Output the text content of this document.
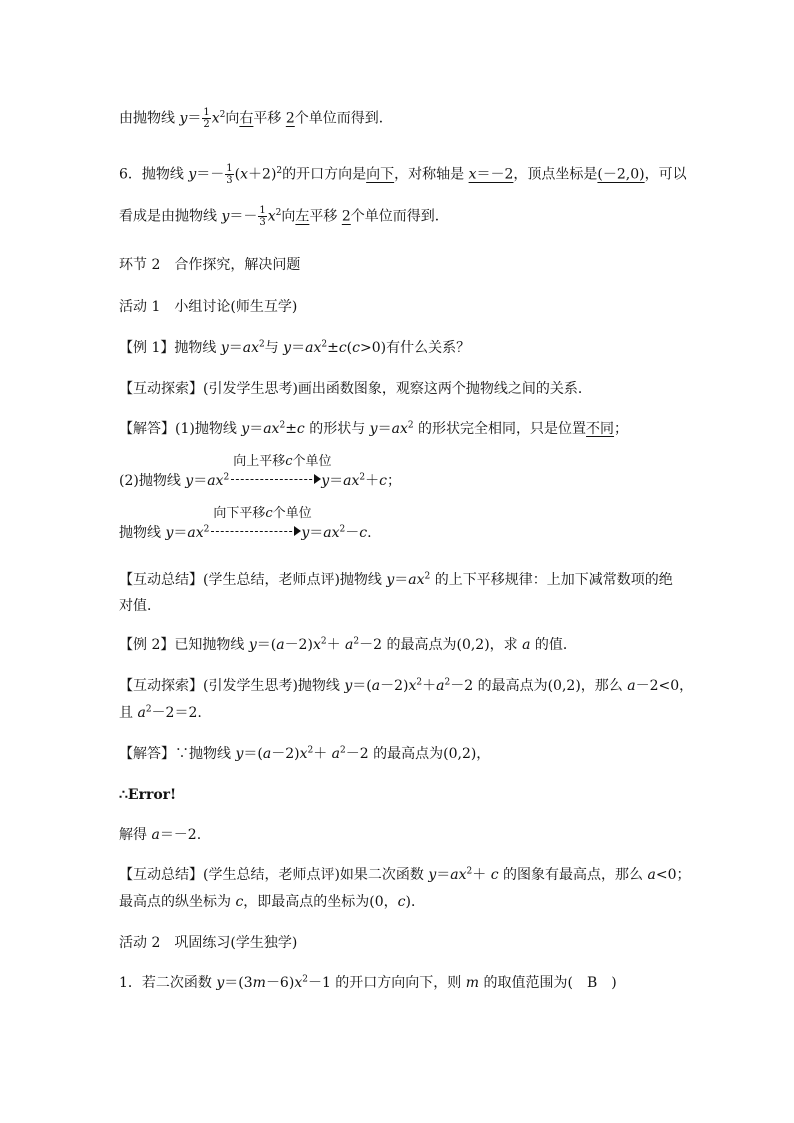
由抛物线 $y= \frac{1}{2} x^2$向右平移 2个单位而得到．
6．抛物线 $y=- \frac{1}{3} (x+2)^2$的开口方向是向下，对称轴是 x＝－2，顶点坐标是(－2,0)，可以
看成是由抛物线 $y=- \frac{1}{3} x^2$向左平移 2个单位而得到．
环节 2　合作探究，解决问题
活动 1　小组讨论(师生互学)
【例 1】抛物线 $y=ax^2$与 $y=ax^2\pm c(c>0)$有什么关系？
【互动探索】(引发学生思考)画出函数图象，观察这两个抛物线之间的关系．
【解答】(1)抛物线 $y=ax^2\pm c$ 的形状与 $y=ax^2$ 的形状完全相同，只是位置不同；
(2)抛物线 $y=ax^2$
向上平移c个单位
$y=ax^2+c$；
抛物线 $y=ax^2$
向下平移c个单位
$y=ax^2-c$.
【互动总结】(学生总结，老师点评)抛物线 $y=ax^2$ 的上下平移规律：上加下减常数项的绝
对值．
【例 2】已知抛物线 $y=(a-2)x^2+ a^2-2$ 的最高点为(0,2)，求 a 的值．
【互动探索】(引发学生思考)抛物线 $y=(a-2)x^2+a^2-2$ 的最高点为(0,2)，那么 a－2<0，
且 $a^2-2=2$.
【解答】∵抛物线 $y=(a-2)x^2+ a^2-2$ 的最高点为(0,2)，
∴Error!
解得 a＝－2.
【互动总结】(学生总结，老师点评)如果二次函数 $y=ax^2+ c$ 的图象有最高点，那么 a<0；
最高点的纵坐标为 c，即最高点的坐标为(0，c)．
活动 2　巩固练习(学生独学)
1．若二次函数 $y=(3m-6)x^2-1$ 的开口方向向下，则 m 的取值范围为(　B　)
